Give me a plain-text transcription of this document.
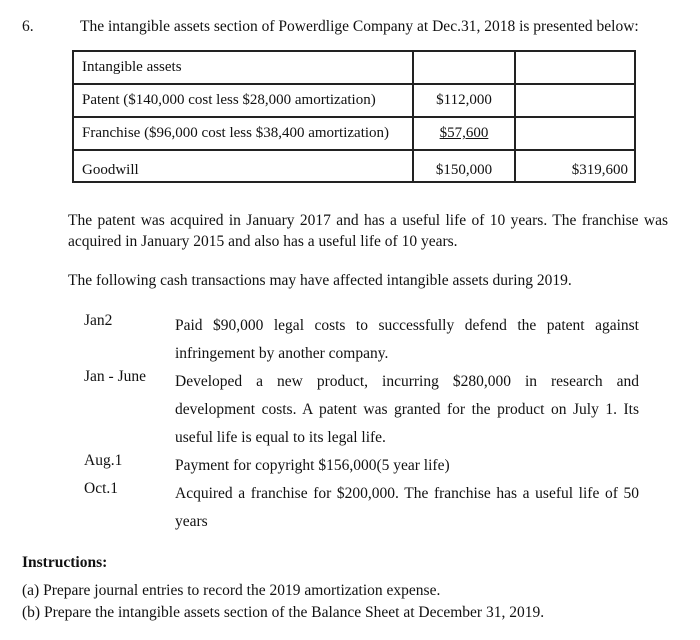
6.	The intangible assets section of Powerdlige Company at Dec.31, 2018 is presented below:
Intangible assets		
Patent ($140,000 cost less $28,000 amortization)	$112,000	
Franchise ($96,000 cost less $38,400 amortization)	$57,600	
Goodwill	$150,000	$319,600
The patent was acquired in January 2017 and has a useful life of 10 years. The franchise was acquired in January 2015 and also has a useful life of 10 years.
The following cash transactions may have affected intangible assets during 2019.
Jan2	Paid $90,000 legal costs to successfully defend the patent against infringement by another company.
Jan - June Developed a new product, incurring $280,000 in research and development costs. A patent was granted for the product on July 1. Its useful life is equal to its legal life.
Aug.1	Payment for copyright $156,000(5 year life)
Oct.1	Acquired a franchise for $200,000. The franchise has a useful life of 50 years
Instructions:
(a) Prepare journal entries to record the 2019 amortization expense.
(b) Prepare the intangible assets section of the Balance Sheet at December 31, 2019.
